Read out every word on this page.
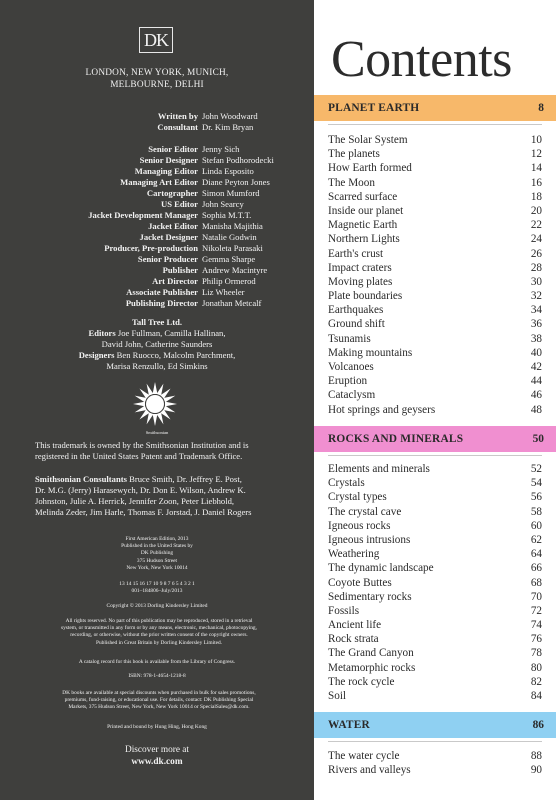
DK
LONDON, NEW YORK, MUNICH,
MELBOURNE, DELHI
Written by John Woodward
Consultant Dr. Kim Bryan
Senior Editor Jenny Sich
Senior Designer Stefan Podhorodecki
Managing Editor Linda Esposito
Managing Art Editor Diane Peyton Jones
Cartographer Simon Mumford
US Editor John Searcy
Jacket Development Manager Sophia M.T.T.
Jacket Editor Manisha Majithia
Jacket Designer Natalie Godwin
Producer, Pre-production Nikoleta Parasaki
Senior Producer Gemma Sharpe
Publisher Andrew Macintyre
Art Director Philip Ormerod
Associate Publisher Liz Wheeler
Publishing Director Jonathan Metcalf
Tall Tree Ltd.
Editors Joe Fullman, Camilla Hallinan,
David John, Catherine Saunders
Designers Ben Ruocco, Malcolm Parchment,
Marisa Renzullo, Ed Simkins
Smithsonian
This trademark is owned by the Smithsonian Institution and is
registered in the United States Patent and Trademark Office.
Smithsonian Consultants Bruce Smith, Dr. Jeffrey E. Post,
Dr. M.G. (Jerry) Harasewych, Dr. Don E. Wilson, Andrew K.
Johnston, Julie A. Herrick, Jennifer Zoon, Peter Liebhold,
Melinda Zeder, Jim Harle, Thomas F. Jorstad, J. Daniel Rogers
First American Edition, 2013
Published in the United States by
DK Publishing
375 Hudson Street
New York, New York 10014
13 14 15 16 17 10 9 8 7 6 5 4 3 2 1
001–184806–July/2013
Copyright © 2013 Dorling Kindersley Limited
All rights reserved. No part of this publication may be reproduced, stored in a retrieval
system, or transmitted in any form or by any means, electronic, mechanical, photocopying,
recording, or otherwise, without the prior written consent of the copyright owners.
Published in Great Britain by Dorling Kindersley Limited.
A catalog record for this book is available from the Library of Congress.
ISBN: 978-1-4654-1218-8
DK books are available at special discounts when purchased in bulk for sales promotions,
premiums, fund-raising, or educational use. For details, contact: DK Publishing Special
Markets, 375 Hudson Street, New York, New York 10014 or SpecialSales@dk.com.
Printed and bound by Hung Hing, Hong Kong
Discover more at
www.dk.com
Contents
PLANET EARTH	8
The Solar System	10
The planets	12
How Earth formed	14
The Moon	16
Scarred surface	18
Inside our planet	20
Magnetic Earth	22
Northern Lights	24
Earth's crust	26
Impact craters	28
Moving plates	30
Plate boundaries	32
Earthquakes	34
Ground shift	36
Tsunamis	38
Making mountains	40
Volcanoes	42
Eruption	44
Cataclysm	46
Hot springs and geysers	48
ROCKS AND MINERALS	50
Elements and minerals	52
Crystals	54
Crystal types	56
The crystal cave	58
Igneous rocks	60
Igneous intrusions	62
Weathering	64
The dynamic landscape	66
Coyote Buttes	68
Sedimentary rocks	70
Fossils	72
Ancient life	74
Rock strata	76
The Grand Canyon	78
Metamorphic rocks	80
The rock cycle	82
Soil	84
WATER	86
The water cycle	88
Rivers and valleys	90
